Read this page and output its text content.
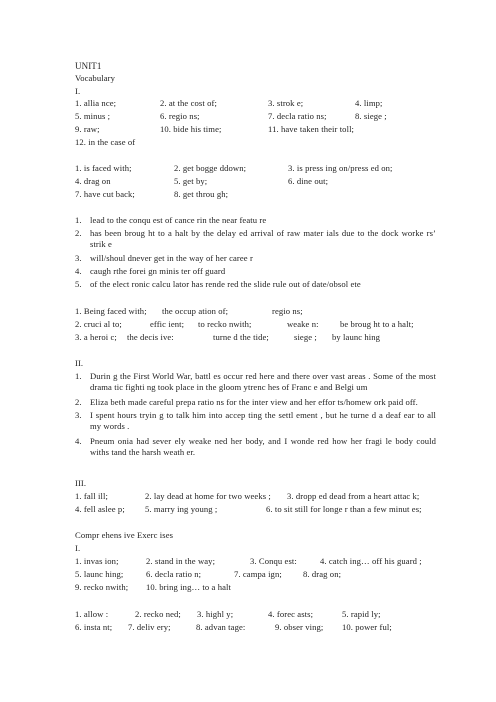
UNIT1
Vocabulary
I.
1. allia nce;	2. at the cost of;	3. strok e;	4. limp;
5. minus ;	6. regio ns;	7. decla ratio ns;	8. siege ;
9. raw;	10. bide his time;	11. have taken their toll;
12. in the case of
1. is faced with;	2. get bogge ddown;	3. is press ing on/press ed on;
4. drag on	5. get by;	6. dine out;
7. have cut back;	8. get throu gh;
1. lead to the conqu est of cance rin the near featu re
2. has been broug ht to a halt by the delay ed arrival of raw mater ials due to the dock worke rs’ strik e
3. will/shoul dnever get in the way of her caree r
4. caugh rthe forei gn minis ter off guard
5. of the elect ronic calcu lator has rende red the slide rule out of date/obsol ete
1. Being faced with; the occup ation of;	regio ns;
2. cruci al to;	effic ient; to recko nwith;	weake n: be broug ht to a halt;
3. a heroi c; the decis ive:	turne d the tide;	siege ; by launc hing
II.
1. Durin g the First World War, battl es occur red here and there over vast areas . Some of the most drama tic fighti ng took place in the gloom ytrenc hes of Franc e and Belgi um
2. Eliza beth made careful prepa ratio ns for the inter view and her effor ts/homew ork paid off.
3. I spent hours tryin g to talk him into accep ting the settl ement , but he turne d a deaf ear to all my words .
4. Pneum onia had sever ely weake ned her body, and I wonde red how her fragi le body could withs tand the harsh weath er.
III.
1. fall ill;	2. lay dead at home for two weeks ; 3. dropp ed dead from a heart attac k;
4. fell aslee p; 5. marry ing young ;	6. to sit still for longe r than a few minut es;
Compr ehens ive Exerc ises
I.
1. invas ion;	2. stand in the way;	3. Conqu est:	4. catch ing… off his guard ;
5. launc hing;	6. decla ratio n;	7. campa ign; 8. drag on;
9. recko nwith; 10. bring ing… to a halt
1. allow :	2. recko ned; 3. highl y;	4. forec asts;	5. rapid ly;
6. insta nt; 7. deliv ery;	8. advan tage:	9. obser ving; 10. power ful;
